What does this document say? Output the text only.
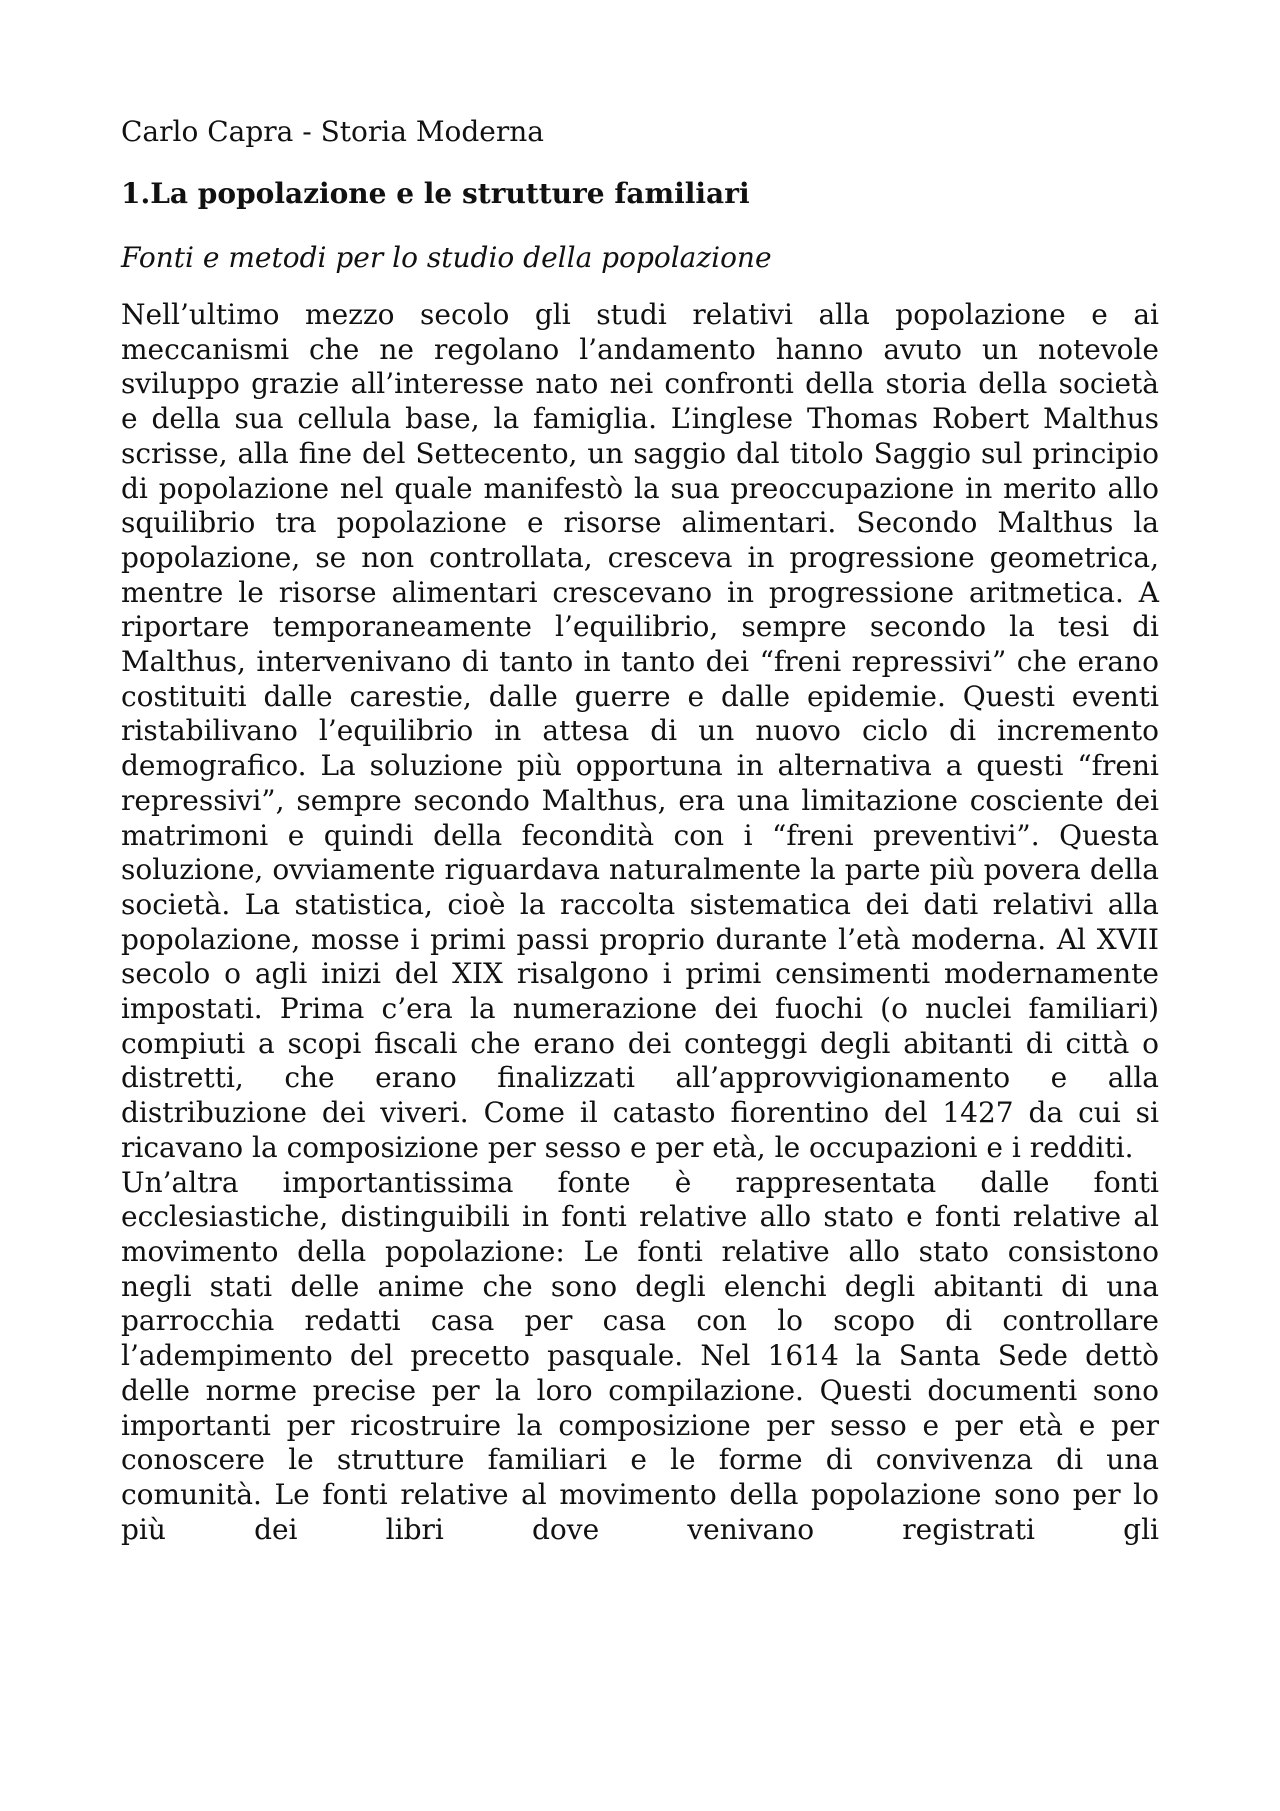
Carlo Capra - Storia Moderna
1.La popolazione e le strutture familiari
Fonti e metodi per lo studio della popolazione

Nell’ultimo mezzo secolo gli studi relativi alla popolazione e ai meccanismi che ne regolano l’andamento hanno avuto un notevole sviluppo grazie all’interesse nato nei confronti della storia della società e della sua cellula base, la famiglia. L’inglese Thomas Robert Malthus scrisse, alla fine del Settecento, un saggio dal titolo Saggio sul principio di popolazione nel quale manifestò la sua preoccupazione in merito allo squilibrio tra popolazione e risorse alimentari. Secondo Malthus la popolazione, se non controllata, cresceva in progressione geometrica, mentre le risorse alimentari crescevano in progressione aritmetica. A riportare temporaneamente l’equilibrio, sempre secondo la tesi di Malthus, intervenivano di tanto in tanto dei “freni repressivi” che erano costituiti dalle carestie, dalle guerre e dalle epidemie. Questi eventi ristabilivano l’equilibrio in attesa di un nuovo ciclo di incremento demografico. La soluzione più opportuna in alternativa a questi “freni repressivi”, sempre secondo Malthus, era una limitazione cosciente dei matrimoni e quindi della fecondità con i “freni preventivi”. Questa soluzione, ovviamente riguardava naturalmente la parte più povera della società. La statistica, cioè la raccolta sistematica dei dati relativi alla popolazione, mosse i primi passi proprio durante l’età moderna. Al XVII secolo o agli inizi del XIX risalgono i primi censimenti modernamente impostati. Prima c’era la numerazione dei fuochi (o nuclei familiari) compiuti a scopi fiscali che erano dei conteggi degli abitanti di città o distretti, che erano finalizzati all’approvvigionamento e alla distribuzione dei viveri. Come il catasto fiorentino del 1427 da cui si ricavano la composizione per sesso e per età, le occupazioni e i redditi.

Un’altra importantissima fonte è rappresentata dalle fonti ecclesiastiche, distinguibili in fonti relative allo stato e fonti relative al movimento della popolazione: Le fonti relative allo stato consistono negli stati delle anime che sono degli elenchi degli abitanti di una parrocchia redatti casa per casa con lo scopo di controllare l’adempimento del precetto pasquale. Nel 1614 la Santa Sede dettò delle norme precise per la loro compilazione. Questi documenti sono importanti per ricostruire la composizione per sesso e per età e per conoscere le strutture familiari e le forme di convivenza di una comunità. Le fonti relative al movimento della popolazione sono per lo più dei libri dove venivano registrati gli
